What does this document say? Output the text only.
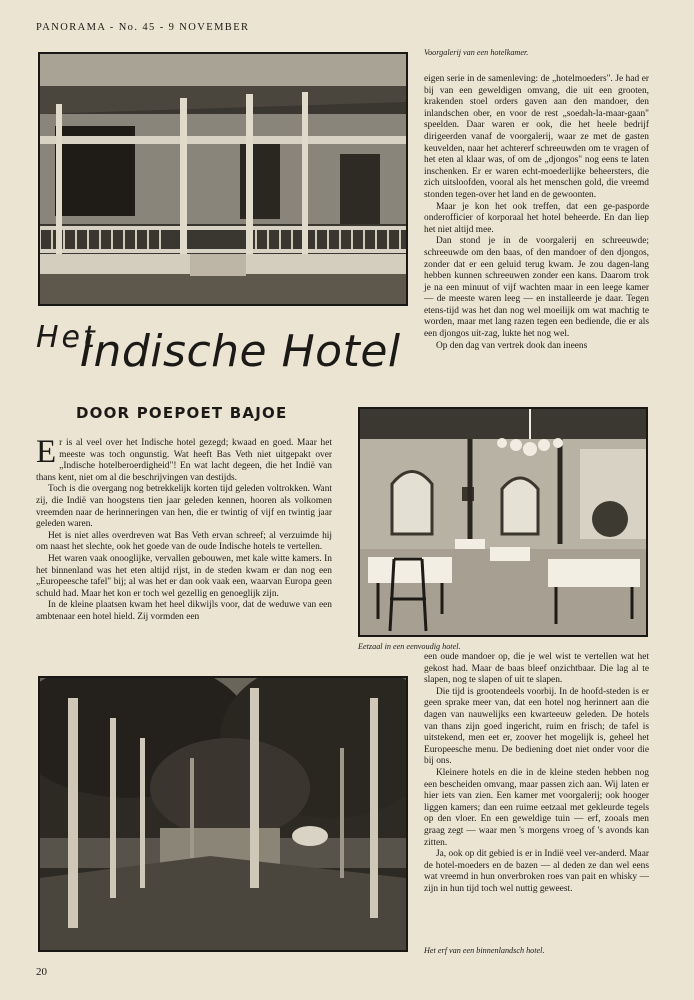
PANORAMA - No. 45 - 9 NOVEMBER
Voorgalerij van een hotelkamer.

eigen serie in de samenleving: de „hotelmoeders". Je had er bij van een geweldigen omvang, die uit een grooten, krakenden stoel orders gaven aan den mandoer, den inlandschen ober, en voor de rest „soedah-la-maar-gaan" speelden. Daar waren er ook, die het heele bedrijf dirigeerden vanaf de voorgalerij, waar ze met de gasten keuvelden, naar het achtererf schreeuwden om te vragen of het eten al klaar was, of om de „djongos" nog eens te laten inschenken. Er er waren echt-moederlijke beheersters, die zich uitsloofden, vooral als het menschen gold, die vreemd stonden tegen-over het land en de gewoonten.

Maar je kon het ook treffen, dat een ge-pasporde onderofficier of korporaal het hotel beheerde. En dan liep het niet altijd mee.

Dan stond je in de voorgalerij en schreeuwde; schreeuwde om den baas, of den mandoer of den djongos, zonder dat er een geluid terug kwam. Je zou dagen-lang hebben kunnen schreeuwen zonder een kans. Daarom trok je na een minuut of vijf wachten maar in een leege kamer — de meeste waren leeg — en installeerde je daar. Tegen etens-tijd was het dan nog wel moeilijk om wat machtig te worden, maar met lang razen tegen een bediende, die er als een djongos uit-zag, lukte het nog wel.

Op den dag van vertrek dook dan ineens

Het
Indische Hotel
DOOR POEPOET BAJOE

Er is al veel over het Indische hotel gezegd; kwaad en goed. Maar het meeste was toch ongunstig. Wat heeft Bas Veth niet uitgepakt over „Indische hotelberoerdigheid"! En wat lacht degeen, die het Indië van thans kent, niet om al die beschrijvingen van destijds.

Toch is die overgang nog betrekkelijk korten tijd geleden voltrokken. Want zij, die Indië van hoogstens tien jaar geleden kennen, hooren als volkomen vreemden naar de herinneringen van hen, die er twintig of vijf en twintig jaar geleden waren.

Het is niet alles overdreven wat Bas Veth ervan schreef; al verzuimde hij om naast het slechte, ook het goede van de oude Indische hotels te vertellen.

Het waren vaak onooglijke, vervallen gebouwen, met kale witte kamers. In het binnenland was het eten altijd rijst, in de steden kwam er dan nog een „Europeesche tafel" bij; al was het er dan ook vaak een, waarvan Europa geen schuld had. Maar het kon er toch wel gezellig en genoeglijk zijn.

In de kleine plaatsen kwam het heel dikwijls voor, dat de weduwe van een ambtenaar een hotel hield. Zij vormden een

Eetzaal in een eenvoudig hotel.

een oude mandoer op, die je wel wist te vertellen wat het gekost had. Maar de baas bleef onzichtbaar. Die lag al te slapen, nog te slapen of uit te slapen.

Die tijd is grootendeels voorbij. In de hoofd-steden is er geen sprake meer van, dat een hotel nog herinnert aan die dagen van nauwelijks een kwarteeuw geleden. De hotels van thans zijn goed ingericht, ruim en frisch; de tafel is uitstekend, men eet er, zoover het mogelijk is, geheel het Europeesche menu. De bediening doet niet onder voor die bij ons.

Kleinere hotels en die in de kleine steden hebben nog een bescheiden omvang, maar passen zich aan. Wij laten er hier iets van zien. Een kamer met voorgalerij; ook hooger liggen kamers; dan een ruime eetzaal met gekleurde tegels op den vloer. En een geweldige tuin — erf, zooals men graag zegt — waar men 's morgens vroeg of 's avonds kan zitten.

Ja, ook op dit gebied is er in Indië veel ver-anderd. Maar de hotel-moeders en de bazen — al deden ze dan wel eens wat vreemd in hun onverbroken roes van pait en whisky — zijn in hun tijd toch wel nuttig geweest.

Het erf van een binnenlandsch hotel.
20
